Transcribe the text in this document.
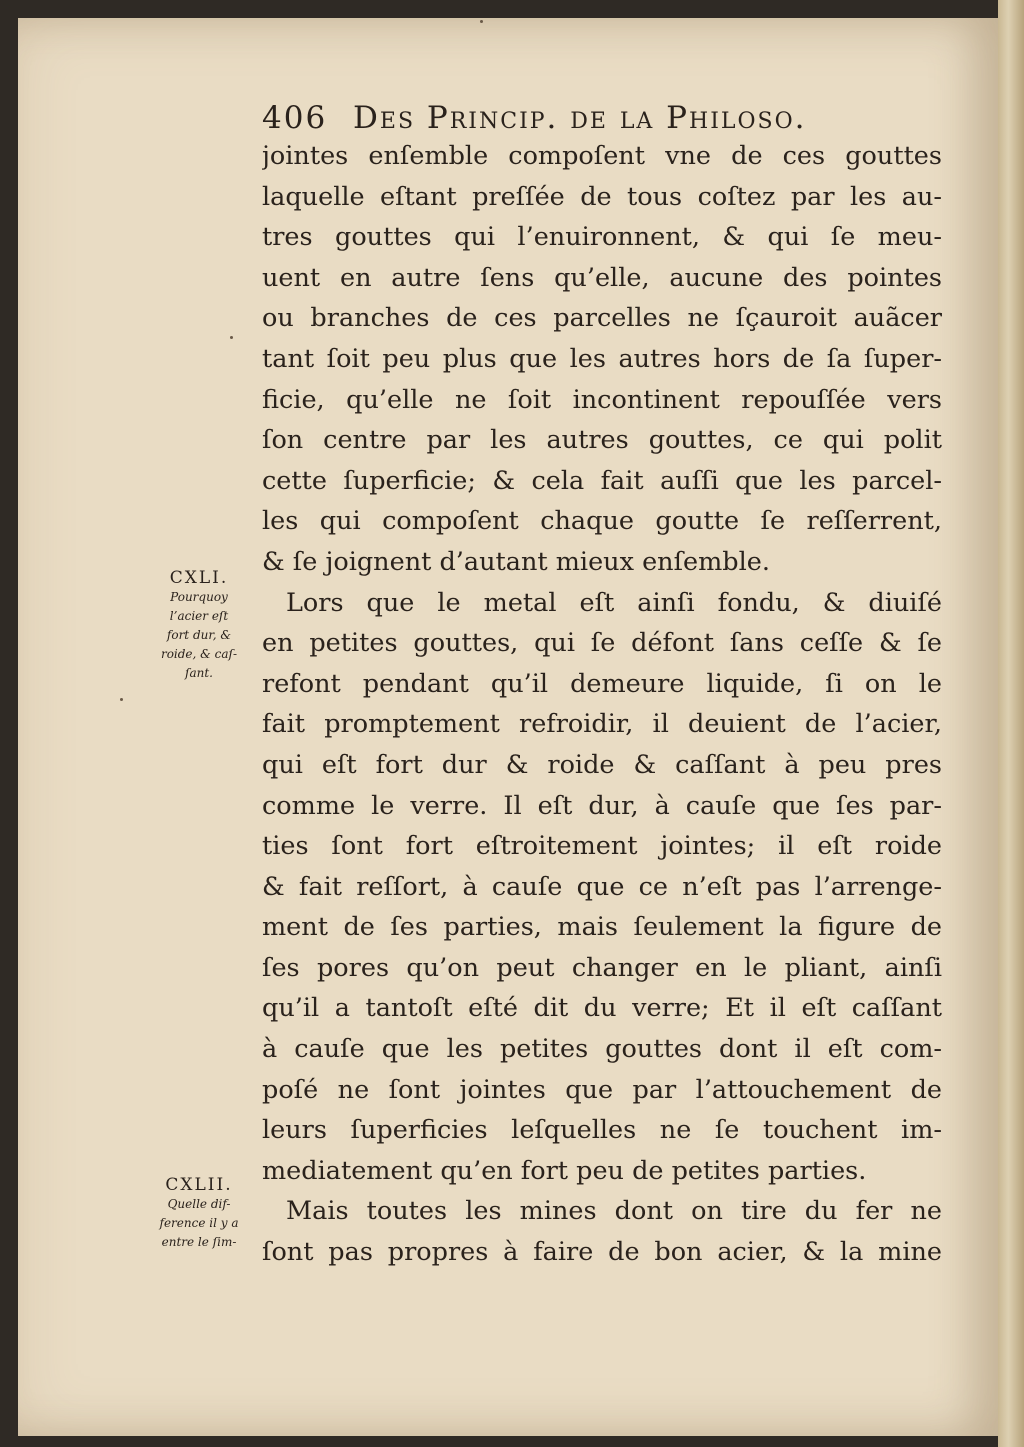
406 Des Princip. de la Philoso.
jointes enſemble compoſent vne de ces gouttes
laquelle eſtant preſſée de tous coſtez par les au-
tres gouttes qui l’enuironnent, & qui ſe meu-
uent en autre ſens qu’elle, aucune des pointes
ou branches de ces parcelles ne ſçauroit auãcer
tant ſoit peu plus que les autres hors de ſa ſuper-
ficie, qu’elle ne ſoit incontinent repouſſée vers
ſon centre par les autres gouttes, ce qui polit
cette ſuperficie; & cela fait auſſi que les parcel-
les qui compoſent chaque goutte ſe reſſerrent,
& ſe joignent d’autant mieux enſemble.
Lors que le metal eſt ainſi fondu, & diuiſé
en petites gouttes, qui ſe défont ſans ceſſe & ſe
refont pendant qu’il demeure liquide, ſi on le
fait promptement refroidir, il deuient de l’acier,
qui eſt fort dur & roide & caſſant à peu pres
comme le verre. Il eſt dur, à cauſe que ſes par-
ties ſont fort eſtroitement jointes; il eſt roide
& fait reſſort, à cauſe que ce n’eſt pas l’arrenge-
ment de ſes parties, mais ſeulement la figure de
ſes pores qu’on peut changer en le pliant, ainſi
qu’il a tantoſt eſté dit du verre; Et il eſt caſſant
à cauſe que les petites gouttes dont il eſt com-
poſé ne ſont jointes que par l’attouchement de
leurs ſuperficies leſquelles ne ſe touchent im-
mediatement qu’en fort peu de petites parties.
Mais toutes les mines dont on tire du fer ne
ſont pas propres à faire de bon acier, & la mine
CXLI.
Pourquoy
l’acier eſt
fort dur, &
roide, & caſ-
ſant.
CXLII.
Quelle dif-
ference il y a
entre le ſim-
